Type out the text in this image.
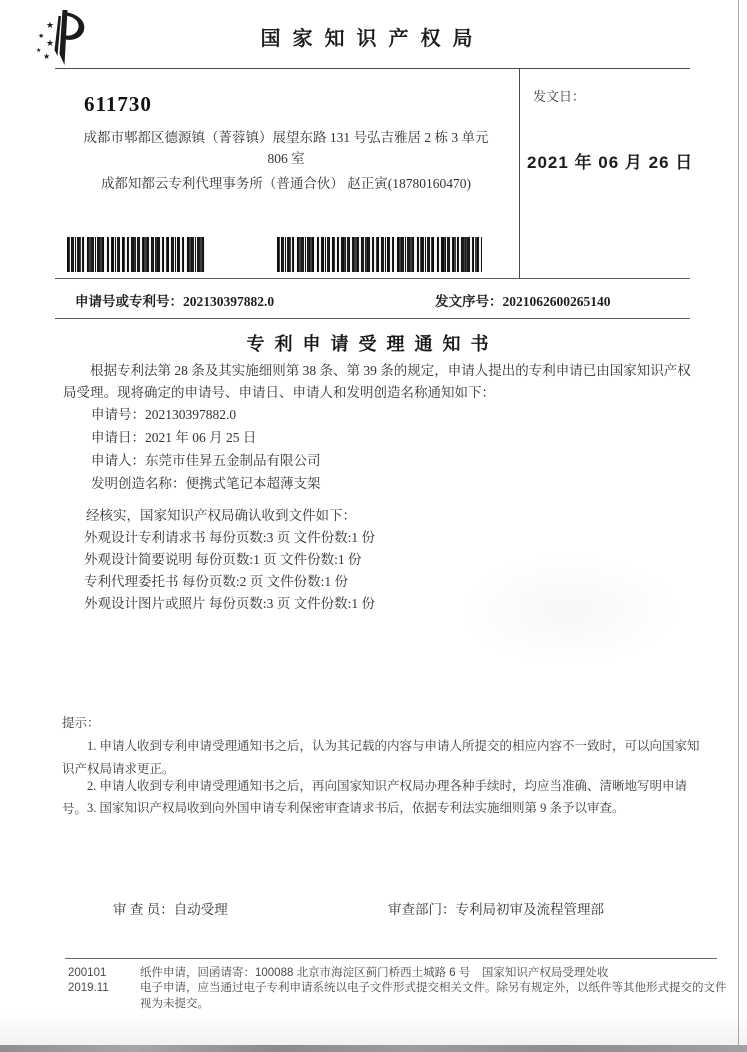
★
★
★
★
★
国家知识产权局
611730
成都市郫都区德源镇（菁蓉镇）展望东路 131 号弘吉雅居 2 栋 3 单元
806 室
成都知都云专利代理事务所（普通合伙） 赵正寅(18780160470)
发文日：
2021 年 06 月 26 日
申请号或专利号：202130397882.0	发文序号：2021062600265140
专利申请受理通知书
根据专利法第 28 条及其实施细则第 38 条、第 39 条的规定，申请人提出的专利申请已由国家知识产权局受理。现将确定的申请号、申请日、申请人和发明创造名称通知如下：
申请号：202130397882.0
申请日：2021 年 06 月 25 日
申请人：东莞市佳昇五金制品有限公司
发明创造名称：便携式笔记本超薄支架
经核实，国家知识产权局确认收到文件如下：
外观设计专利请求书 每份页数:3 页 文件份数:1 份
外观设计简要说明 每份页数:1 页 文件份数:1 份
专利代理委托书 每份页数:2 页 文件份数:1 份
外观设计图片或照片 每份页数:3 页 文件份数:1 份
提示：
1. 申请人收到专利申请受理通知书之后，认为其记载的内容与申请人所提交的相应内容不一致时，可以向国家知识产权局请求更正。
2. 申请人收到专利申请受理通知书之后，再向国家知识产权局办理各种手续时，均应当准确、清晰地写明申请号。 3. 国家知识产权局收到向外国申请专利保密审查请求书后，依据专利法实施细则第 9 条予以审查。
审 查 员：自动受理	审查部门：专利局初审及流程管理部
200101
2019.11
纸件申请，回函请寄：100088 北京市海淀区蓟门桥西土城路 6 号　国家知识产权局受理处收
电子申请，应当通过电子专利申请系统以电子文件形式提交相关文件。除另有规定外，以纸件等其他形式提交的文件视为未提交。
